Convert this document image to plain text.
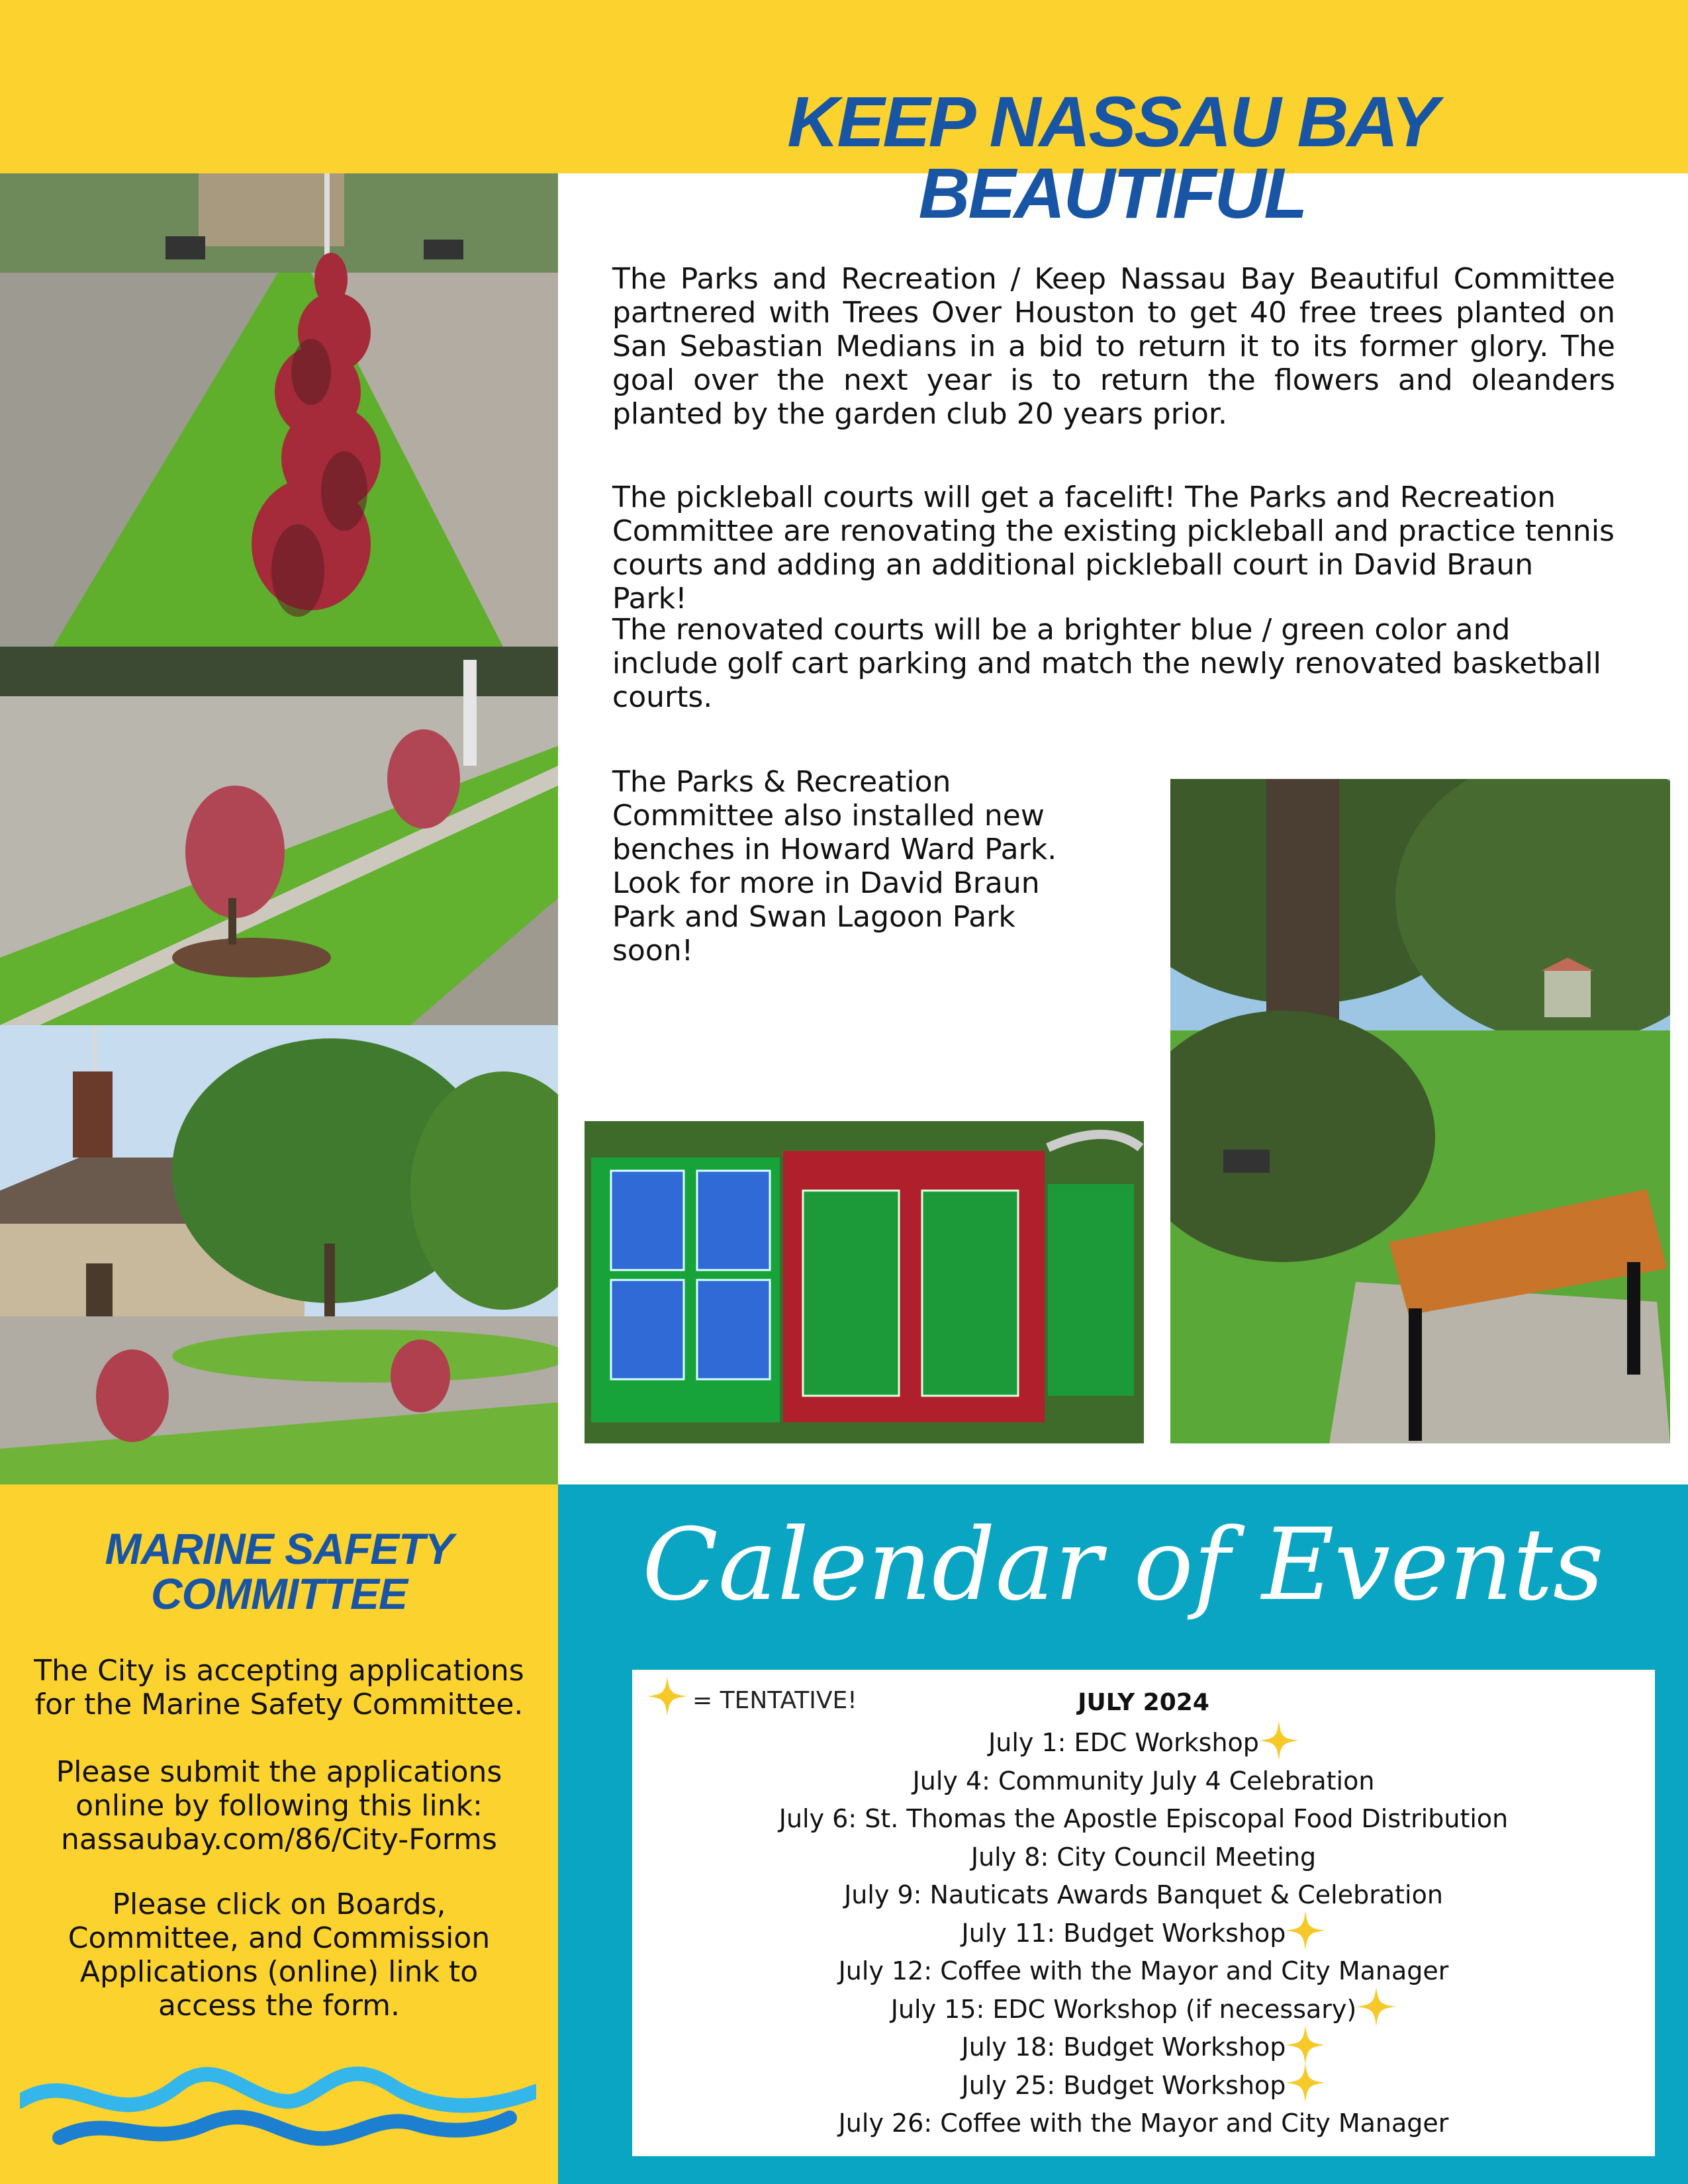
KEEP NASSAU BAY BEAUTIFUL
The Parks and Recreation / Keep Nassau Bay Beautiful Committee partnered with Trees Over Houston to get 40 free trees planted on San Sebastian Medians in a bid to return it to its former glory. The goal over the next year is to return the flowers and oleanders planted by the garden club 20 years prior.
The pickleball courts will get a facelift! The Parks and Recreation Committee are renovating the existing pickleball and practice tennis courts and adding an additional pickleball court in David Braun Park!
The renovated courts will be a brighter blue / green color and include golf cart parking and match the newly renovated basketball courts.
The Parks & Recreation Committee also installed new benches in Howard Ward Park. Look for more in David Braun Park and Swan Lagoon Park soon!
MARINE SAFETY
COMMITTEE
The City is accepting applications for the Marine Safety Committee.
Please submit the applications
online by following this link:
nassaubay.com/86/City-Forms
Please click on Boards, Committee, and Commission Applications (online) link to access the form.
Calendar of Events
= TENTATIVE!	JULY 2024
July 1: EDC Workshop
July 4: Community July 4 Celebration
July 6: St. Thomas the Apostle Episcopal Food Distribution
July 8: City Council Meeting
July 9: Nauticats Awards Banquet & Celebration
July 11: Budget Workshop
July 12: Coffee with the Mayor and City Manager
July 15: EDC Workshop (if necessary)
July 18: Budget Workshop
July 25: Budget Workshop
July 26: Coffee with the Mayor and City Manager
